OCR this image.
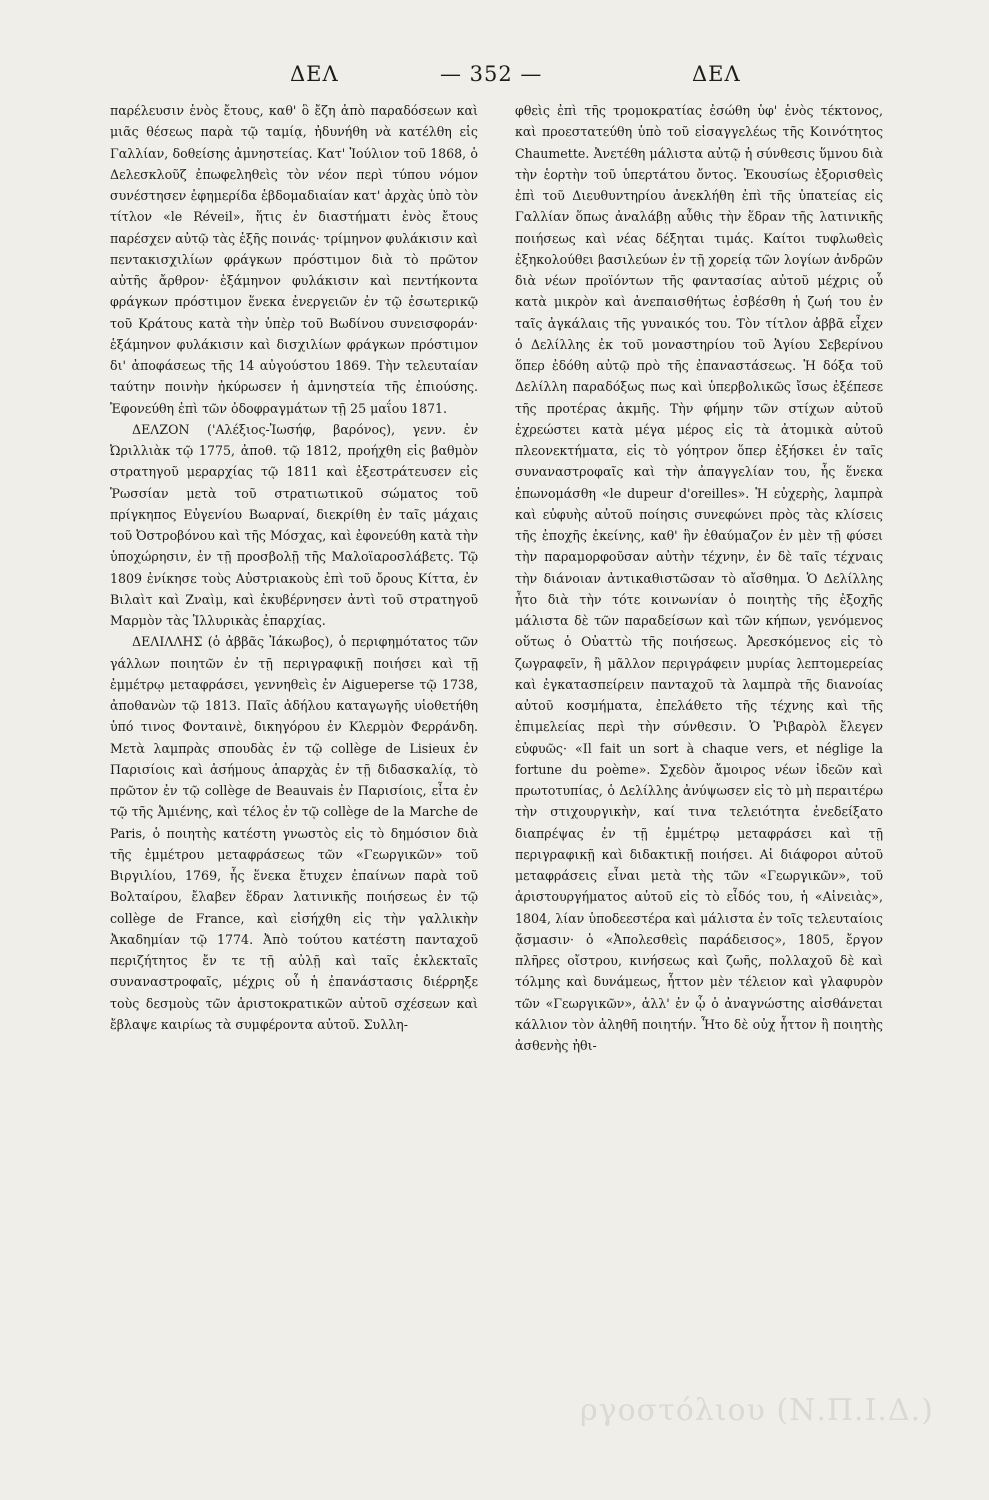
ΔΕΛ	— 352 —	ΔΕΛ

παρέλευσιν ἑνὸς ἔτους, καθ' ὃ ἔζη ἀπὸ παραδόσεων καὶ μιᾶς θέσεως παρὰ τῷ ταμίᾳ, ἠδυνήθη νὰ κατέλθη εἰς Γαλλίαν, δοθείσης ἀμνηστείας. Κατ' Ἰούλιον τοῦ 1868, ὁ Δελεσκλοῦζ ἐπωφεληθεὶς τὸν νέον περὶ τύπου νόμον συνέστησεν ἐφημερίδα ἑβδομαδιαίαν κατ' ἀρχὰς ὑπὸ τὸν τίτλον «le Réveil», ἥτις ἐν διαστήματι ἑνὸς ἔτους παρέσχεν αὐτῷ τὰς ἑξῆς ποινάς· τρίμηνον φυλάκισιν καὶ πεντακισχιλίων φράγκων πρόστιμον διὰ τὸ πρῶτον αὐτῆς ἄρθρον· ἑξάμηνον φυλάκισιν καὶ πεντήκοντα φράγκων πρόστιμον ἕνεκα ἐνεργειῶν ἐν τῷ ἐσωτερικῷ τοῦ Κράτους κατὰ τὴν ὑπὲρ τοῦ Βωδίνου συνεισφοράν· ἑξάμηνον φυλάκισιν καὶ δισχιλίων φράγκων πρόστιμον δι' ἀποφάσεως τῆς 14 αὐγούστου 1869. Τὴν τελευταίαν ταύτην ποινὴν ἠκύρωσεν ἡ ἀμνηστεία τῆς ἐπιούσης. Ἐφονεύθη ἐπὶ τῶν ὀδοφραγμάτων τῇ 25 μαΐου 1871.

ΔΕΛΖΟΝ ('Αλέξιος-Ἰωσήφ, βαρόνος), γενν. ἐν Ὠριλλιὰκ τῷ 1775, ἀποθ. τῷ 1812, προήχθη εἰς βαθμὸν στρατηγοῦ μεραρχίας τῷ 1811 καὶ ἐξεστράτευσεν εἰς Ῥωσσίαν μετὰ τοῦ στρατιωτικοῦ σώματος τοῦ πρίγκηπος Εὐγενίου Βωαρναί, διεκρίθη ἐν ταῖς μάχαις τοῦ Ὀστροβόνου καὶ τῆς Μόσχας, καὶ ἐφονεύθη κατὰ τὴν ὑποχώρησιν, ἐν τῇ προσβολῇ τῆς Μαλοϊαροσλάβετς. Τῷ 1809 ἐνίκησε τοὺς Αὐστριακοὺς ἐπὶ τοῦ ὄρους Κίττα, ἐν Βιλαὶτ καὶ Ζναὶμ, καὶ ἐκυβέρνησεν ἀντὶ τοῦ στρατηγοῦ Μαρμὸν τὰς Ἰλλυρικὰς ἐπαρχίας.

ΔΕΛΙΛΛΗΣ (ὁ ἀββᾶς Ἰάκωβος), ὁ περιφημότατος τῶν γάλλων ποιητῶν ἐν τῇ περιγραφικῇ ποιήσει καὶ τῇ ἐμμέτρῳ μεταφράσει, γεννηθεὶς ἐν Aigueperse τῷ 1738, ἀποθανὼν τῷ 1813. Παῖς ἀδήλου καταγωγῆς υἱοθετήθη ὑπό τινος Φονταινὲ, δικηγόρου ἐν Κλερμὸν Φερράνδη. Μετὰ λαμπρὰς σπουδὰς ἐν τῷ collège de Lisieux ἐν Παρισίοις καὶ ἀσήμους ἀπαρχὰς ἐν τῇ διδασκαλίᾳ, τὸ πρῶτον ἐν τῷ collège de Beauvais ἐν Παρισίοις, εἶτα ἐν τῷ τῆς Ἀμιένης, καὶ τέλος ἐν τῷ collège de la Marche de Paris, ὁ ποιητὴς κατέστη γνωστὸς εἰς τὸ δημόσιον διὰ τῆς ἐμμέτρου μεταφράσεως τῶν «Γεωργικῶν» τοῦ Βιργιλίου, 1769, ἧς ἕνεκα ἔτυχεν ἐπαίνων παρὰ τοῦ Βολταίρου, ἔλαβεν ἕδραν λατινικῆς ποιήσεως ἐν τῷ collège de France, καὶ εἰσήχθη εἰς τὴν γαλλικὴν Ἀκαδημίαν τῷ 1774. Ἀπὸ τούτου κατέστη πανταχοῦ περιζήτητος ἔν τε τῇ αὐλῇ καὶ ταῖς ἐκλεκταῖς συναναστροφαῖς, μέχρις οὗ ἡ ἐπανάστασις διέρρηξε τοὺς δεσμοὺς τῶν ἀριστοκρατικῶν αὐτοῦ σχέσεων καὶ ἔβλαψε καιρίως τὰ συμφέροντα αὐτοῦ. Συλλη-

φθεὶς ἐπὶ τῆς τρομοκρατίας ἐσώθη ὑφ' ἑνὸς τέκτονος, καὶ προεστατεύθη ὑπὸ τοῦ εἰσαγγελέως τῆς Κοινότητος Chaumette. Ἀνετέθη μάλιστα αὐτῷ ἡ σύνθεσις ὕμνου διὰ τὴν ἑορτὴν τοῦ ὑπερτάτου ὄντος. Ἑκουσίως ἐξορισθεὶς ἐπὶ τοῦ Διευθυντηρίου ἀνεκλήθη ἐπὶ τῆς ὑπατείας εἰς Γαλλίαν ὅπως ἀναλάβῃ αὖθις τὴν ἕδραν τῆς λατινικῆς ποιήσεως καὶ νέας δέξηται τιμάς. Καίτοι τυφλωθεὶς ἐξηκολούθει βασιλεύων ἐν τῇ χορείᾳ τῶν λογίων ἀνδρῶν διὰ νέων προϊόντων τῆς φαντασίας αὐτοῦ μέχρις οὗ κατὰ μικρὸν καὶ ἀνεπαισθήτως ἐσβέσθη ἡ ζωή του ἐν ταῖς ἀγκάλαις τῆς γυναικός του. Τὸν τίτλον ἀββᾶ εἶχεν ὁ Δελίλλης ἐκ τοῦ μοναστηρίου τοῦ Ἁγίου Σεβερίνου ὅπερ ἐδόθη αὐτῷ πρὸ τῆς ἐπαναστάσεως. Ἡ δόξα τοῦ Δελίλλη παραδόξως πως καὶ ὑπερβολικῶς ἴσως ἐξέπεσε τῆς προτέρας ἀκμῆς. Τὴν φήμην τῶν στίχων αὐτοῦ ἐχρεώστει κατὰ μέγα μέρος εἰς τὰ ἀτομικὰ αὐτοῦ πλεονεκτήματα, εἰς τὸ γόητρον ὅπερ ἐξήσκει ἐν ταῖς συναναστροφαῖς καὶ τὴν ἀπαγγελίαν του, ἧς ἕνεκα ἐπωνομάσθη «le dupeur d'oreilles». Ἡ εὐχερὴς, λαμπρὰ καὶ εὐφυὴς αὐτοῦ ποίησις συνεφώνει πρὸς τὰς κλίσεις τῆς ἐποχῆς ἐκείνης, καθ' ἣν ἐθαύμαζον ἐν μὲν τῇ φύσει τὴν παραμορφοῦσαν αὐτὴν τέχνην, ἐν δὲ ταῖς τέχναις τὴν διάνοιαν ἀντικαθιστῶσαν τὸ αἴσθημα. Ὁ Δελίλλης ἦτο διὰ τὴν τότε κοινωνίαν ὁ ποιητὴς τῆς ἐξοχῆς μάλιστα δὲ τῶν παραδείσων καὶ τῶν κήπων, γενόμενος οὕτως ὁ Οὐαττὼ τῆς ποιήσεως. Ἀρεσκόμενος εἰς τὸ ζωγραφεῖν, ἢ μᾶλλον περιγράφειν μυρίας λεπτομερείας καὶ ἐγκατασπείρειν πανταχοῦ τὰ λαμπρὰ τῆς διανοίας αὐτοῦ κοσμήματα, ἐπελάθετο τῆς τέχνης καὶ τῆς ἐπιμελείας περὶ τὴν σύνθεσιν. Ὁ Ῥιβαρὸλ ἔλεγεν εὐφυῶς· «Il fait un sort à chaque vers, et néglige la fortune du poème». Σχεδὸν ἄμοιρος νέων ἰδεῶν καὶ πρωτοτυπίας, ὁ Δελίλλης ἀνύψωσεν εἰς τὸ μὴ περαιτέρω τὴν στιχουργικὴν, καί τινα τελειότητα ἐνεδείξατο διαπρέψας ἐν τῇ ἐμμέτρῳ μεταφράσει καὶ τῇ περιγραφικῇ καὶ διδακτικῇ ποιήσει. Αἱ διάφοροι αὐτοῦ μεταφράσεις εἶναι μετὰ τὴς τῶν «Γεωργικῶν», τοῦ ἀριστουργήματος αὐτοῦ εἰς τὸ εἶδός του, ἡ «Αἰνειὰς», 1804, λίαν ὑποδεεστέρα καὶ μάλιστα ἐν τοῖς τελευταίοις ᾄσμασιν· ὁ «Ἀπολεσθεὶς παράδεισος», 1805, ἔργον πλῆρες οἴστρου, κινήσεως καὶ ζωῆς, πολλαχοῦ δὲ καὶ τόλμης καὶ δυνάμεως, ἧττον μὲν τέλειον καὶ γλαφυρὸν τῶν «Γεωργικῶν», ἀλλ' ἐν ᾧ ὁ ἀναγνώστης αἰσθάνεται κάλλιον τὸν ἀληθῆ ποιητήν. Ἦτο δὲ οὐχ ἧττον ἢ ποιητὴς ἀσθενὴς ἠθι-

ργοστόλιου (Ν.Π.Ι.Δ.)
